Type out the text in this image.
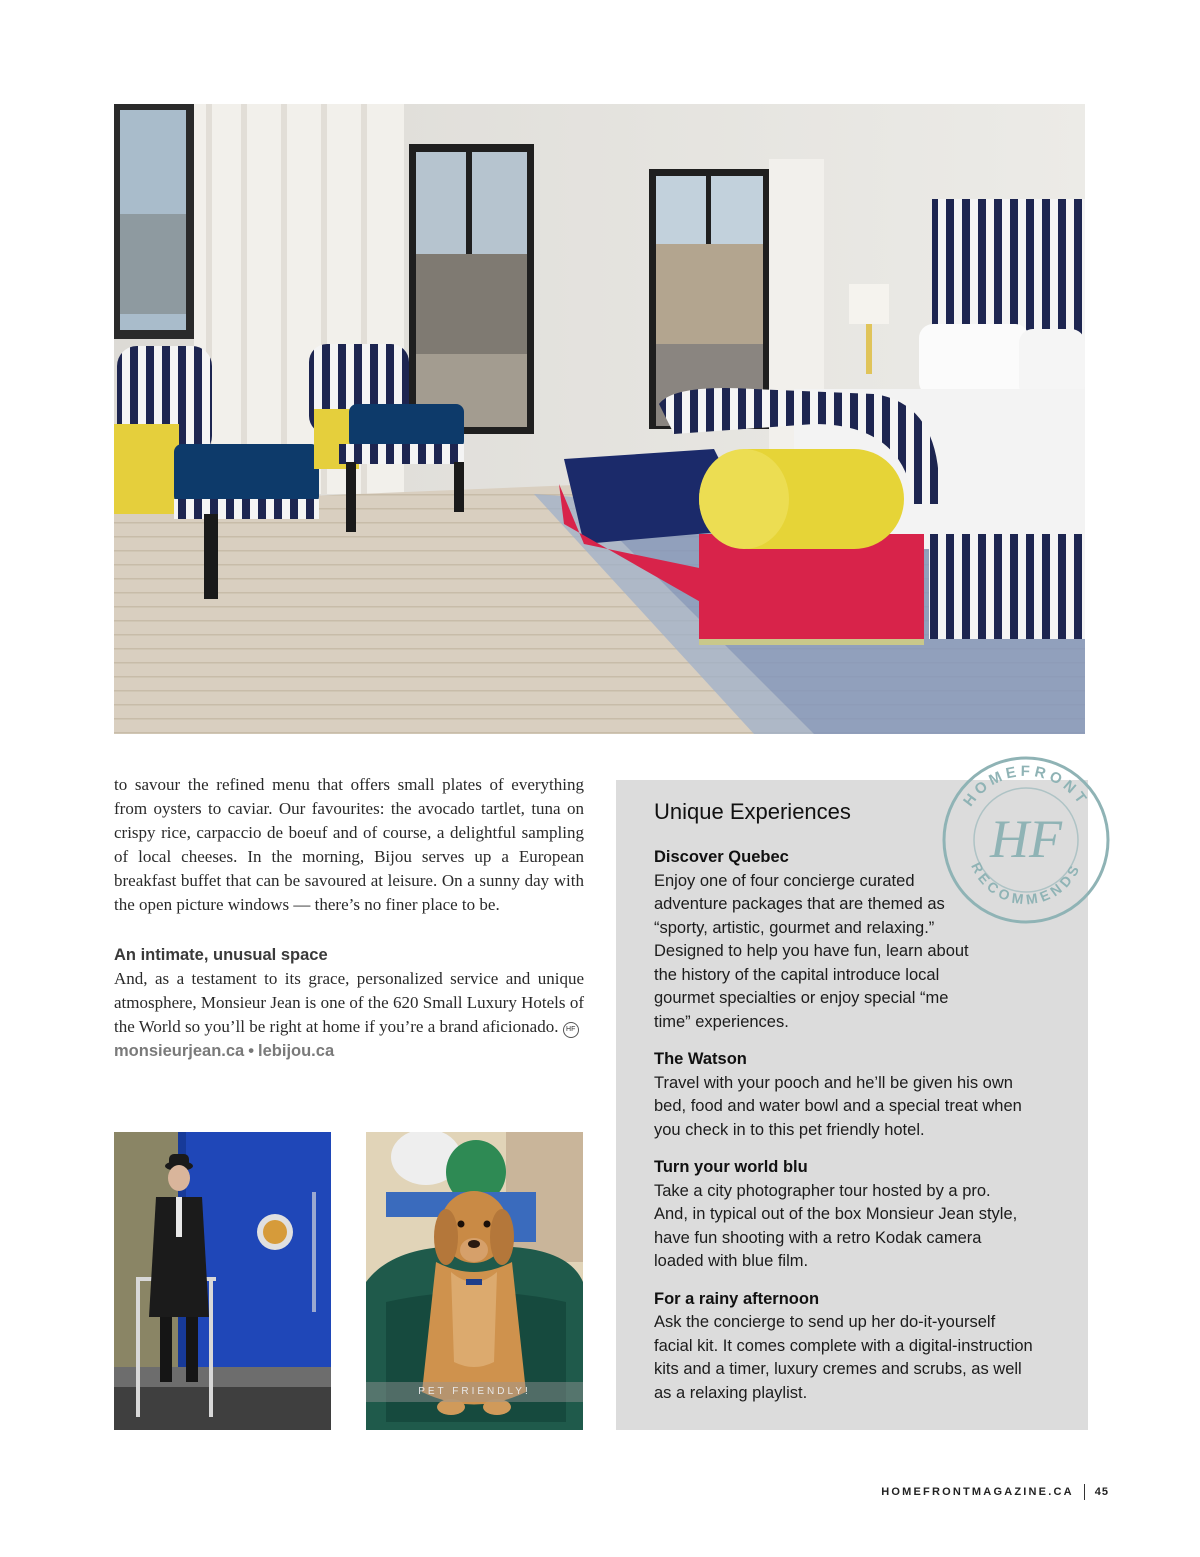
to savour the refined menu that offers small plates of everything from oysters to caviar. Our favourites: the avocado tartlet, tuna on crispy rice, carpaccio de boeuf and of course, a delightful sampling of local cheeses. In the morning, Bijou serves up a European breakfast buffet that can be savoured at leisure. On a sunny day with the open picture windows — there’s no finer place to be.

An intimate, unusual space

And, as a testament to its grace, personalized service and unique atmosphere, Monsieur Jean is one of the 620 Small Luxury Hotels of the World so you’ll be right at home if you’re a brand aficionado. HF

monsieurjean.ca • lebijou.ca
PET FRIENDLY!
Unique Experiences
Discover Quebec

Enjoy one of four concierge curated adventure packages that are themed as “sporty, artistic, gourmet and relaxing.” Designed to help you have fun, learn about the history of the capital introduce local gourmet specialties or enjoy special “me time” experiences.

The Watson

Travel with your pooch and he’ll be given his own bed, food and water bowl and a special treat when you check in to this pet friendly hotel.

Turn your world blu

Take a city photographer tour hosted by a pro. And, in typical out of the box Monsieur Jean style, have fun shooting with a retro Kodak camera loaded with blue film.

For a rainy afternoon

Ask the concierge to send up her do-it-yourself facial kit. It comes complete with a digital-instruction kits and a timer, luxury cremes and scrubs, as well as a relaxing playlist.

HOMEFRONT
RECOMMENDS
HF
HOMEFRONTMAGAZINE.CA 45
